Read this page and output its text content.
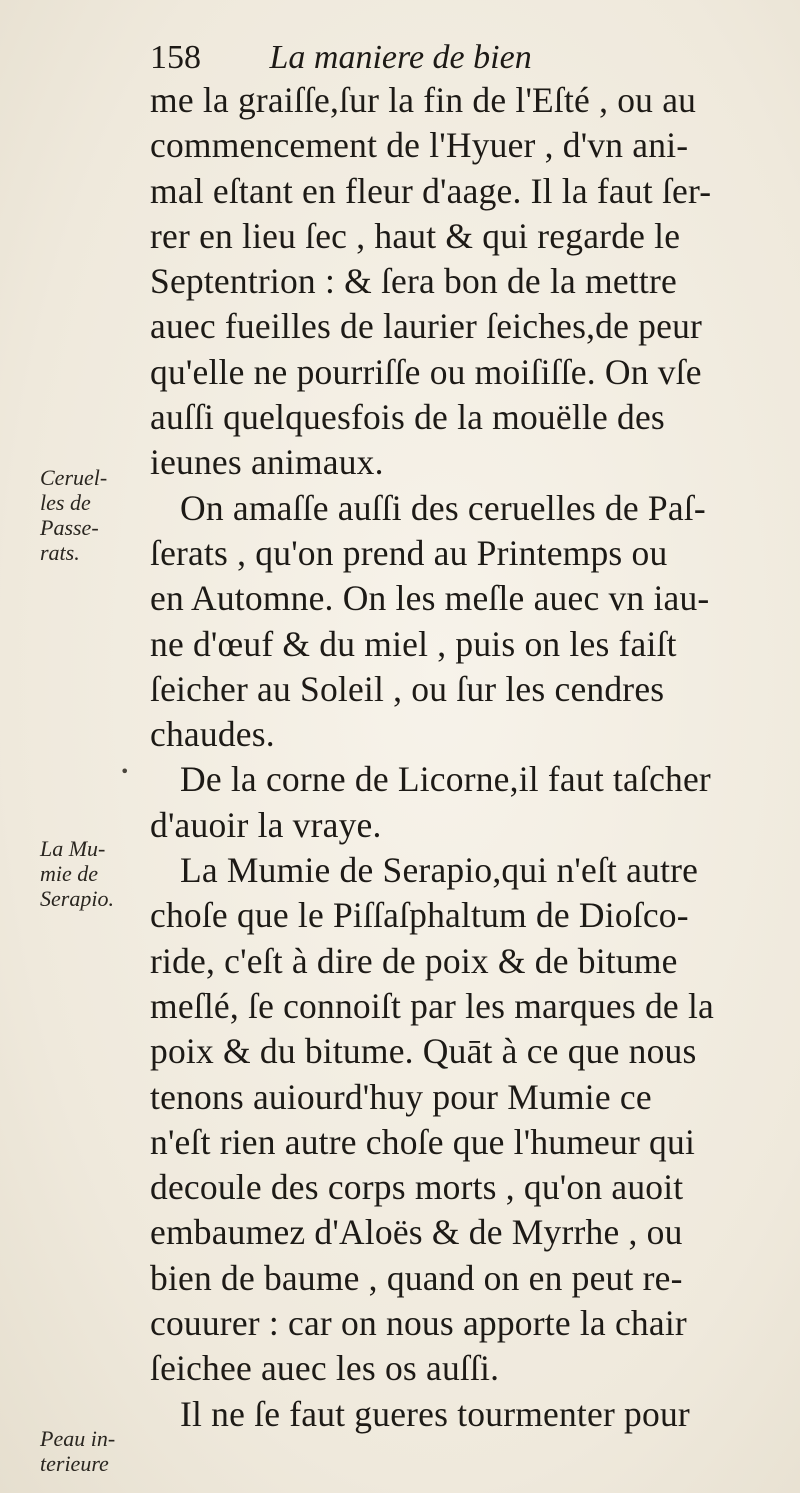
158 La maniere de bien
Ceruel-
les de
Passe-
rats.
•
La Mu-
mie de
Serapio.
Peau in-
terieure
me la graiſſe,ſur la fin de l'Eſté , ou au
commencement de l'Hyuer , d'vn ani-
mal eſtant en fleur d'aage. Il la faut ſer-
rer en lieu ſec , haut & qui regarde le
Septentrion : & ſera bon de la mettre
auec fueilles de laurier ſeiches,de peur
qu'elle ne pourriſſe ou moiſiſſe. On vſe
auſſi quelquesfois de la mouëlle des
ieunes animaux.
On amaſſe auſſi des ceruelles de Paſ-
ſerats , qu'on prend au Printemps ou
en Automne. On les meſle auec vn iau-
ne d'œuf & du miel , puis on les faiſt
ſeicher au Soleil , ou ſur les cendres
chaudes.
De la corne de Licorne,il faut taſcher
d'auoir la vraye.
La Mumie de Serapio,qui n'eſt autre
choſe que le Piſſaſphaltum de Dioſco-
ride, c'eſt à dire de poix & de bitume
meſlé, ſe connoiſt par les marques de la
poix & du bitume. Quāt à ce que nous
tenons auiourd'huy pour Mumie ce
n'eſt rien autre choſe que l'humeur qui
decoule des corps morts , qu'on auoit
embaumez d'Aloës & de Myrrhe , ou
bien de baume , quand on en peut re-
couurer : car on nous apporte la chair
ſeichee auec les os auſſi.
Il ne ſe faut gueres tourmenter pour
